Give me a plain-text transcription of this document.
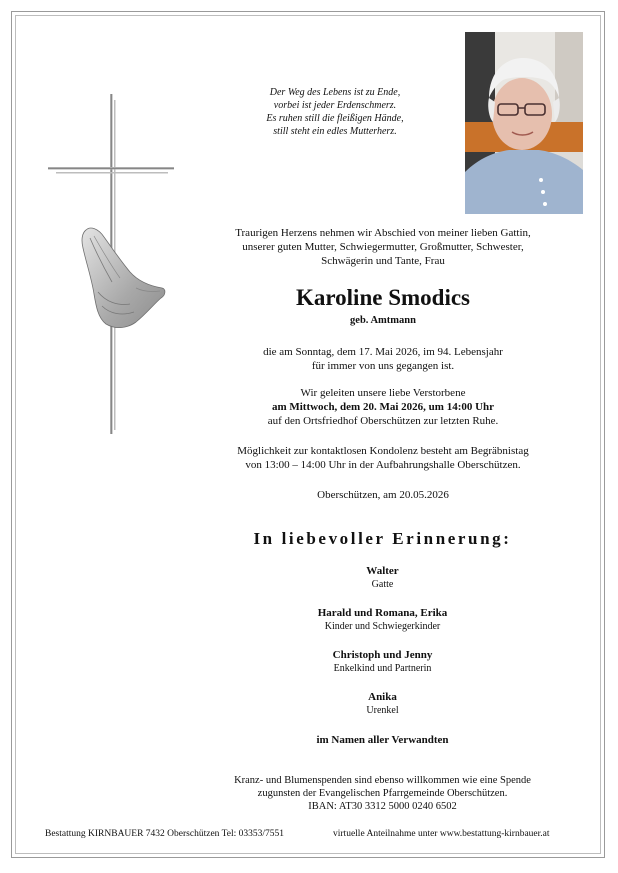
Der Weg des Lebens ist zu Ende,
vorbei ist jeder Erdenschmerz.
Es ruhen still die fleißigen Hände,
still steht ein edles Mutterherz.
Traurigen Herzens nehmen wir Abschied von meiner lieben Gattin,
unserer guten Mutter, Schwiegermutter, Großmutter, Schwester,
Schwägerin und Tante, Frau
Karoline Smodics
geb. Amtmann
die am Sonntag, dem 17. Mai 2026, im 94. Lebensjahr
für immer von uns gegangen ist.
Wir geleiten unsere liebe Verstorbene
am Mittwoch, dem 20. Mai 2026, um 14:00 Uhr
auf den Ortsfriedhof Oberschützen zur letzten Ruhe.
Möglichkeit zur kontaktlosen Kondolenz besteht am Begräbnistag
von 13:00 – 14:00 Uhr in der Aufbahrungshalle Oberschützen.
Oberschützen, am 20.05.2026
In liebevoller Erinnerung:
Walter
Gatte
Harald und Romana, Erika
Kinder und Schwiegerkinder
Christoph und Jenny
Enkelkind und Partnerin
Anika
Urenkel
im Namen aller Verwandten
Kranz- und Blumenspenden sind ebenso willkommen wie eine Spende
zugunsten der Evangelischen Pfarrgemeinde Oberschützen.
IBAN: AT30 3312 5000 0240 6502
Bestattung KIRNBAUER 7432 Oberschützen Tel: 03353/7551	virtuelle Anteilnahme unter www.bestattung-kirnbauer.at
